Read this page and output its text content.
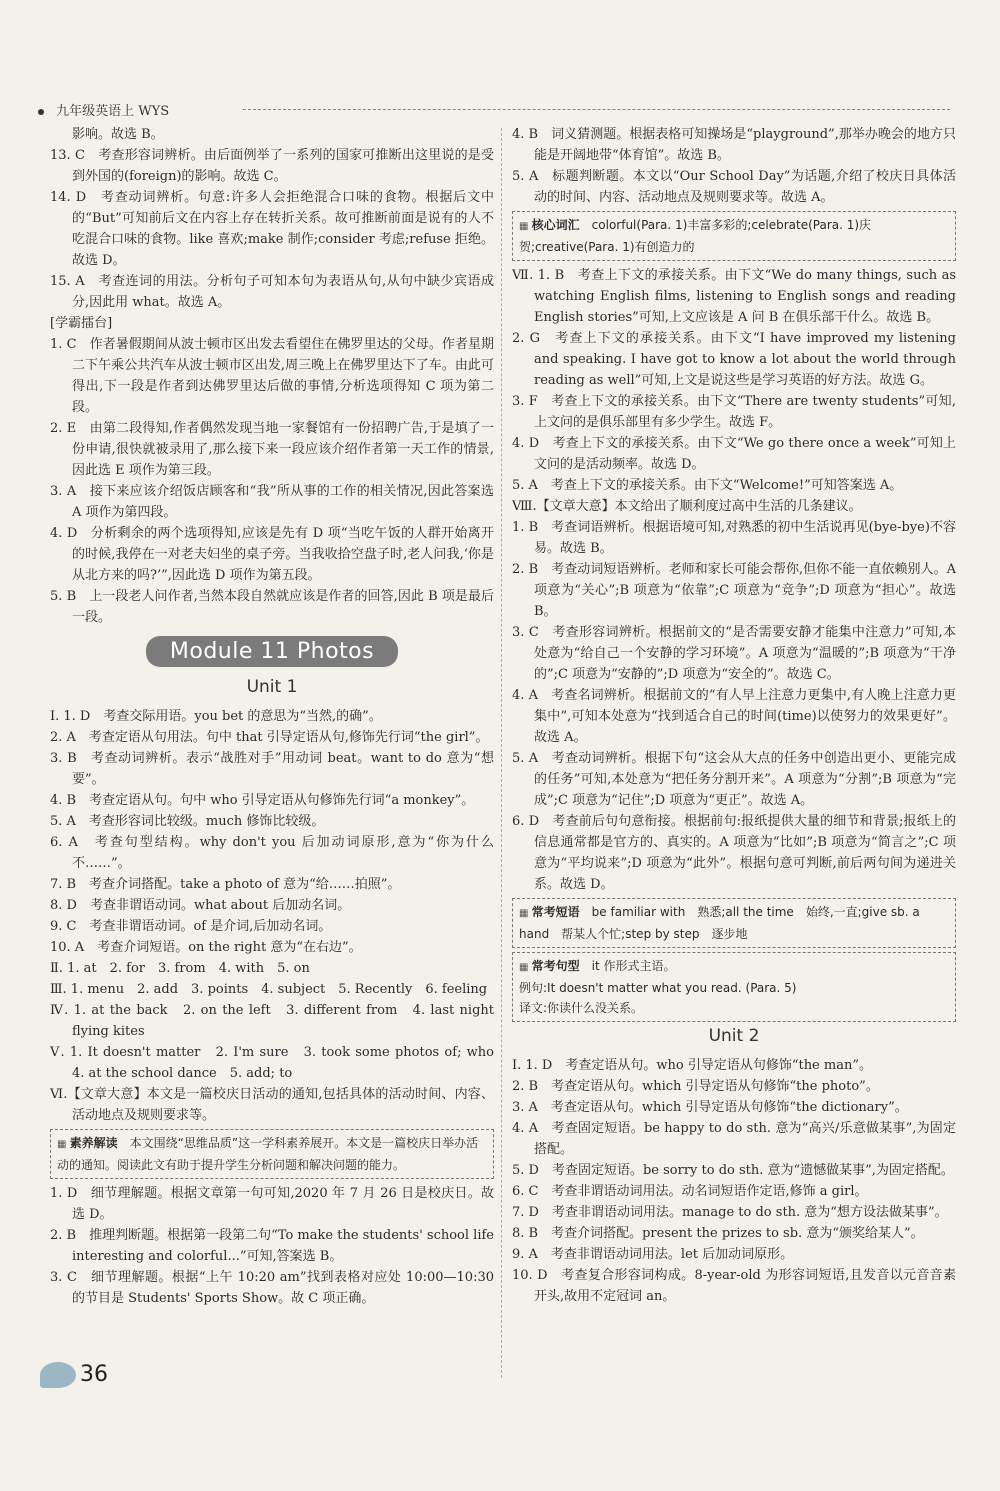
九年级英语上 WYS

影响。故选 B。

13. C　考查形容词辨析。由后面例举了一系列的国家可推断出这里说的是受到外国的(foreign)的影响。故选 C。

14. D　考查动词辨析。句意:许多人会拒绝混合口味的食物。根据后文中的“But”可知前后文在内容上存在转折关系。故可推断前面是说有的人不吃混合口味的食物。like 喜欢;make 制作;consider 考虑;refuse 拒绝。故选 D。

15. A　考查连词的用法。分析句子可知本句为表语从句,从句中缺少宾语成分,因此用 what。故选 A。

[学霸擂台]

1. C　作者暑假期间从波士顿市区出发去看望住在佛罗里达的父母。作者星期二下午乘公共汽车从波士顿市区出发,周三晚上在佛罗里达下了车。由此可得出,下一段是作者到达佛罗里达后做的事情,分析选项得知 C 项为第二段。

2. E　由第二段得知,作者偶然发现当地一家餐馆有一份招聘广告,于是填了一份申请,很快就被录用了,那么接下来一段应该介绍作者第一天工作的情景,因此选 E 项作为第三段。

3. A　接下来应该介绍饭店顾客和“我”所从事的工作的相关情况,因此答案选 A 项作为第四段。

4. D　分析剩余的两个选项得知,应该是先有 D 项“当吃午饭的人群开始离开的时候,我停在一对老夫妇坐的桌子旁。当我收拾空盘子时,老人问我,‘你是从北方来的吗?’”,因此选 D 项作为第五段。

5. B　上一段老人问作者,当然本段自然就应该是作者的回答,因此 B 项是最后一段。

Module 11 Photos
Unit 1

Ⅰ. 1. D　考查交际用语。you bet 的意思为“当然,的确”。

2. A　考查定语从句用法。句中 that 引导定语从句,修饰先行词“the girl”。

3. B　考查动词辨析。表示“战胜对手”用动词 beat。want to do 意为“想要”。

4. B　考查定语从句。句中 who 引导定语从句修饰先行词“a monkey”。

5. A　考查形容词比较级。much 修饰比较级。

6. A　考查句型结构。why don't you 后加动词原形,意为“你为什么不……”。

7. B　考查介词搭配。take a photo of 意为“给……拍照”。

8. D　考查非谓语动词。what about 后加动名词。

9. C　考查非谓语动词。of 是介词,后加动名词。

10. A　考查介词短语。on the right 意为“在右边”。

Ⅱ. 1. at　2. for　3. from　4. with　5. on

Ⅲ. 1. menu　2. add　3. points　4. subject　5. Recently　6. feeling

Ⅳ. 1. at the back　2. on the left　3. different from　4. last night　flying kites

Ⅴ. 1. It doesn't matter　2. I'm sure　3. took some photos of; who　4. at the school dance　5. add; to

Ⅵ.【文章大意】本文是一篇校庆日活动的通知,包括具体的活动时间、内容、活动地点及规则要求等。

▦ 素养解读　 本文围绕“思维品质”这一学科素养展开。本文是一篇校庆日举办活动的通知。阅读此文有助于提升学生分析问题和解决问题的能力。

1. D　细节理解题。根据文章第一句可知,2020 年 7 月 26 日是校庆日。故选 D。

2. B　推理判断题。根据第一段第二句“To make the students' school life interesting and colorful...”可知,答案选 B。

3. C　细节理解题。根据“上午 10:20 am”找到表格对应处 10:00—10:30 的节目是 Students' Sports Show。故 C 项正确。

4. B　词义猜测题。根据表格可知操场是“playground”,那举办晚会的地方只能是开阔地带“体育馆”。故选 B。

5. A　标题判断题。本文以“Our School Day”为话题,介绍了校庆日具体活动的时间、内容、活动地点及规则要求等。故选 A。

▦ 核心词汇　 colorful(Para. 1)丰富多彩的;celebrate(Para. 1)庆贺;creative(Para. 1)有创造力的

Ⅶ. 1. B　考查上下文的承接关系。由下文“We do many things, such as watching English films, listening to English songs and reading English stories”可知,上文应该是 A 问 B 在俱乐部干什么。故选 B。

2. G　考查上下文的承接关系。由下文“I have improved my listening and speaking. I have got to know a lot about the world through reading as well”可知,上文是说这些是学习英语的好方法。故选 G。

3. F　考查上下文的承接关系。由下文“There are twenty students”可知,上文问的是俱乐部里有多少学生。故选 F。

4. D　考查上下文的承接关系。由下文“We go there once a week”可知上文问的是活动频率。故选 D。

5. A　考查上下文的承接关系。由下文“Welcome!”可知答案选 A。

Ⅷ.【文章大意】本文给出了顺利度过高中生活的几条建议。

1. B　考查词语辨析。根据语境可知,对熟悉的初中生活说再见(bye-bye)不容易。故选 B。

2. B　考查动词短语辨析。老师和家长可能会帮你,但你不能一直依赖别人。A 项意为“关心”;B 项意为“依靠”;C 项意为“竞争”;D 项意为“担心”。故选 B。

3. C　考查形容词辨析。根据前文的“是否需要安静才能集中注意力”可知,本处意为“给自己一个安静的学习环境”。A 项意为“温暖的”;B 项意为“干净的”;C 项意为“安静的”;D 项意为“安全的”。故选 C。

4. A　考查名词辨析。根据前文的“有人早上注意力更集中,有人晚上注意力更集中”,可知本处意为“找到适合自己的时间(time)以使努力的效果更好”。故选 A。

5. A　考查动词辨析。根据下句“这会从大点的任务中创造出更小、更能完成的任务”可知,本处意为“把任务分割开来”。A 项意为“分割”;B 项意为“完成”;C 项意为“记住”;D 项意为“更正”。故选 A。

6. D　考查前后句句意衔接。根据前句:报纸提供大量的细节和背景;报纸上的信息通常都是官方的、真实的。A 项意为“比如”;B 项意为“简言之”;C 项意为“平均说来”;D 项意为“此外”。根据句意可判断,前后两句间为递进关系。故选 D。

▦ 常考短语　 be familiar with　熟悉;all the time　始终,一直;give sb. a hand　帮某人个忙;step by step　逐步地
▦ 常考句型　 it 作形式主语。
例句:It doesn't matter what you read. (Para. 5)
译文:你读什么没关系。
Unit 2

Ⅰ. 1. D　考查定语从句。who 引导定语从句修饰“the man”。

2. B　考查定语从句。which 引导定语从句修饰“the photo”。

3. A　考查定语从句。which 引导定语从句修饰“the dictionary”。

4. A　考查固定短语。be happy to do sth. 意为“高兴/乐意做某事”,为固定搭配。

5. D　考查固定短语。be sorry to do sth. 意为“遗憾做某事”,为固定搭配。

6. C　考查非谓语动词用法。动名词短语作定语,修饰 a girl。

7. D　考查非谓语动词用法。manage to do sth. 意为“想方设法做某事”。

8. B　考查介词搭配。present the prizes to sb. 意为“颁奖给某人”。

9. A　考查非谓语动词用法。let 后加动词原形。

10. D　考查复合形容词构成。8-year-old 为形容词短语,且发音以元音音素开头,故用不定冠词 an。

36
